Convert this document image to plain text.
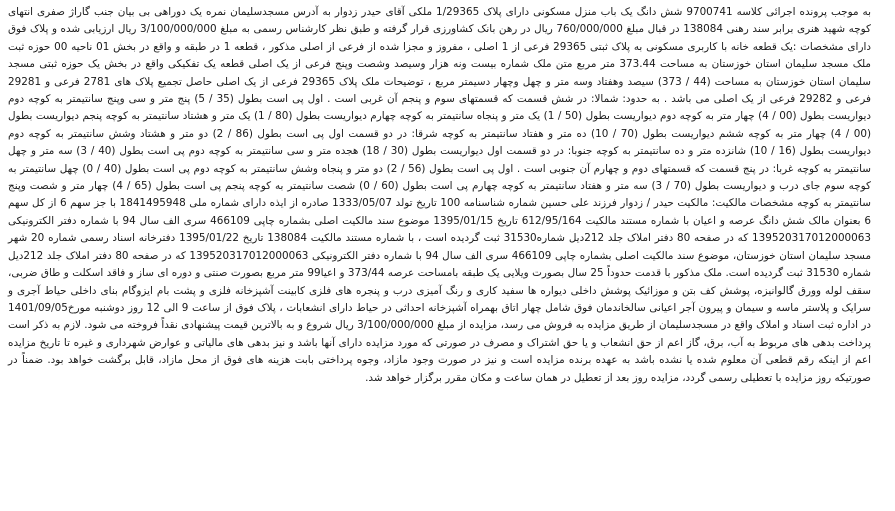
به موجب پرونده اجرائی کلاسه 9700741 شش دانگ یک باب منزل مسکونی دارای پلاک 1/29365 ملکی آقای حیدر زدوار به آدرس مسجدسلیمان نمره یک دوراهی بی بیان جنب گاراژ صفری انتهای کوچه شهید هنری برابر سند رهنی 138084 در قبال مبلغ 760/000/000 ریال در رهن بانک کشاورزی قرار گرفته و طبق نظر کارشناس رسمی به مبلغ 3/100/000/000 ریال ارزیابی شده و پلاک فوق دارای مشخصات :یک قطعه خانه با کاربری مسکونی به پلاک ثبتی 29365 فرعی از 1 اصلی ، مفروز و مجزا شده از فرعی از اصلی مذکور ، قطعه 1 در طبقه و واقع در بخش 01 ناحیه 00 حوزه ثبت ملک مسجد سلیمان استان خوزستان به مساحت 373.44 متر مربع متن ملک شماره بیست ونه هزار وسیصد وشصت وپنج فرعی از یک اصلی قطعه یک تفکیکی واقع در بخش یک حوزه ثبتی مسجد سلیمان استان خوزستان به مساحت (44 / 373) سیصد وهفتاد وسه متر و چهل وچهار دسیمتر مربع ، توضیحات ملک پلاک 29365 فرعی از یک اصلی حاصل تجمیع پلاک های 2781 فرعی و 29281 فرعی و 29282 فرعی از یک اصلی می باشد . به حدود: شمالا: در شش قسمت که قسمتهای سوم و پنجم آن غربی است . اول پی است بطول (35 / 5) پنج متر و سی وپنج سانتیمتر به کوچه دوم دیواریست بطول (00 / 4) چهار متر به کوچه دوم دیواریست بطول (50 / 1) یک متر و پنجاه سانتیمتر به کوچه چهارم دیواریست بطول (80 / 1) یک متر و هشتاد سانتیمتر به کوچه پنجم دیواریست بطول (00 / 4) چهار متر به کوچه ششم دیواریست بطول (70 / 10) ده متر و هفتاد سانتیمتر به کوچه شرقا: در دو قسمت اول پی است بطول (86 / 2) دو متر و هشتاد وشش سانتیمتر به کوچه دوم دیواریست بطول (16 / 10) شانزده متر و ده سانتیمتر به کوچه جنوبا: در دو قسمت اول دیواریست بطول (30 / 18) هجده متر و سی سانتیمتر به کوچه دوم پی است بطول (40 / 3) سه متر و چهل سانتیمتر به کوچه غربا: در پنج قسمت که قسمتهای دوم و چهارم آن جنوبی است . اول پی است بطول (56 / 2) دو متر و پنجاه وشش سانتیمتر به کوچه دوم پی است بطول (40 / 0) چهل سانتیمتر به کوچه سوم جای درب و دیواریست بطول (70 / 3) سه متر و هفتاد سانتیمتر به کوچه چهارم پی است بطول (60 / 0) شصت سانتیمتر به کوچه پنجم پی است بطول (65 / 4) چهار متر و شصت وپنج سانتیمتر به کوچه مشخصات مالکیت: مالکیت حیدر / زدوار فرزند علی حسین شماره شناسنامه 100 تاریخ تولد 1333/05/07 صادره از ایذه دارای شماره ملی 1841495948 با جز سهم 6 از کل سهم 6 بعنوان مالک شش دانگ عرصه و اعیان با شماره مستند مالکیت 612/95/164 تاریخ 1395/01/15 موضوع سند مالکیت اصلی بشماره چاپی 466109 سری الف سال 94 با شماره دفتر الکترونیکی 139520317012000063 که در صفحه 80 دفتر املاک جلد 212دیل شماره31530 ثبت گردیده است ، با شماره مستند مالکیت 138084 تاریخ 1395/01/22 دفترخانه اسناد رسمی شماره 20 شهر مسجد سلیمان استان خوزستان، موضوع سند مالکیت اصلی بشماره چاپی 466109 سری الف سال 94 با شماره دفتر الکترونیکی 139520317012000063 که در صفحه 80 دفتر املاک جلد 212دیل شماره 31530 ثبت گردیده است. ملک مذکور با قدمت حدوداً 25 سال بصورت ویلایی یک طبقه بامساحت عرصه 373/44 و اعیا99 متر مربع بصورت صنتی و دوره ای ساز و فاقد اسکلت و طاق ضربی، سقف لوله وورق گالوانیزه، پوشش کف بتن و موزائیک پوشش داخلی دیواره ها سفید کاری و رنگ آمیزی درب و پنجره های فلزی کابینت آشپزخانه فلزی و پشت بام ایزوگام بنای داخلی حیاط آجری و سرایک و پلاستر ماسه و سیمان و پیرون آجر اعیانی سالخاندمان فوق شامل چهار اتاق بهمراه آشپزخانه احداثی در حیاط دارای انشعابات ، پلاک فوق از ساعت 9 الی 12 روز دوشنبه مورخ1401/09/05 در اداره ثبت اسناد و املاک واقع در مسجدسلیمان از طریق مزایده به فروش می رسد، مزایده از مبلغ 3/100/000/000 ریال شروع و به بالاترین قیمت پیشنهادی نقداً فروخته می شود. لازم به ذکر است پرداخت بدهی های مربوط به آب، برق، گاز اعم از حق انشعاب و یا حق اشتراک و مصرف در صورتی که مورد مزایده دارای آنها باشد و نیز بدهی های مالیاتی و عوارض شهرداری و غیره تا تاریخ مزایده اعم از اینکه رقم قطعی آن معلوم شده یا نشده باشد به عهده برنده مزایده است و نیز در صورت وجود مازاد، وجوه پرداختی بابت هزینه های فوق از محل مازاد، قابل برگشت خواهد بود. ضمناً در صورتیکه روز مزایده با تعطیلی رسمی گردد، مزایده روز بعد از تعطیل در همان ساعت و مکان مقرر برگزار خواهد شد.
